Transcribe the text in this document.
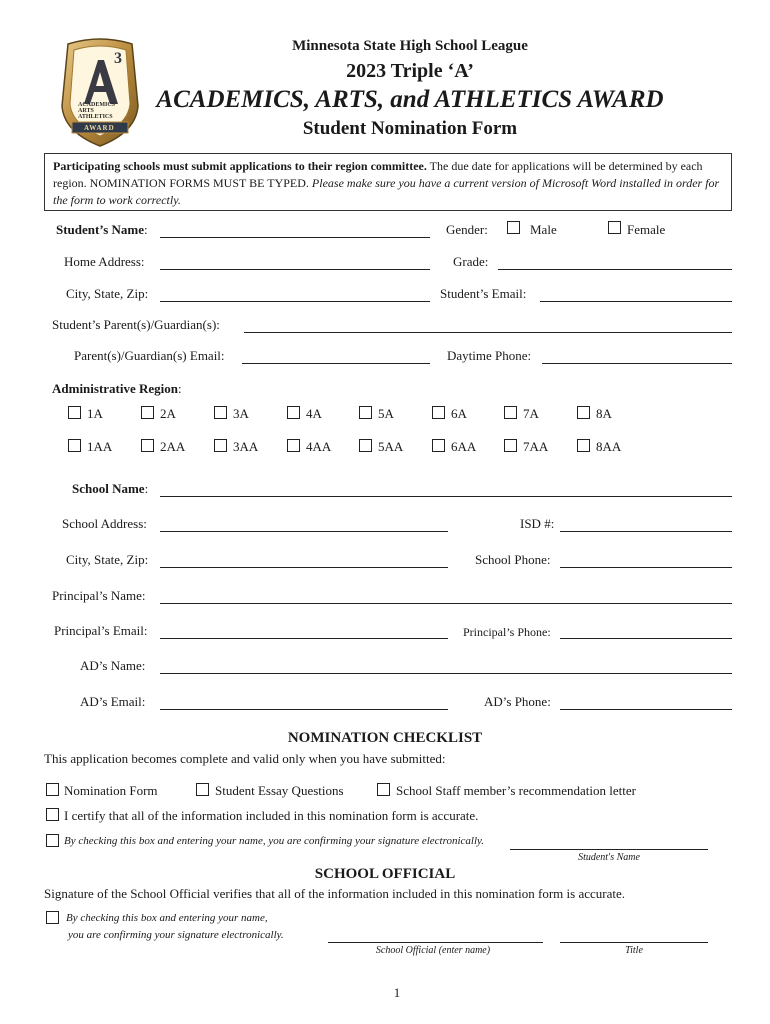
3
ACADEMICS
ARTS
ATHLETICS
AWARD
Minnesota State High School League
2023 Triple ‘A’
ACADEMICS, ARTS, and ATHLETICS AWARD
Student Nomination Form
Participating schools must submit applications to their region committee. The due date for applications will be determined by each region. NOMINATION FORMS MUST BE TYPED. Please make sure you have a current version of Microsoft Word installed in order for the form to work correctly.
Student’s Name:	Gender:	Male	Female
Home Address:	Grade:
City, State, Zip:	Student’s Email:
Student’s Parent(s)/Guardian(s):
Parent(s)/Guardian(s) Email:	Daytime Phone:
Administrative Region:
1A	2A	3A	4A	5A	6A	7A	8A
1AA	2AA	3AA	4AA	5AA	6AA	7AA	8AA
School Name:
School Address:	ISD #:
City, State, Zip:	School Phone:
Principal’s Name:
Principal’s Email:	Principal’s Phone:
AD’s Name:
AD’s Email:	AD’s Phone:
NOMINATION CHECKLIST
This application becomes complete and valid only when you have submitted:
Nomination Form	Student Essay Questions	School Staff member’s recommendation letter
I certify that all of the information included in this nomination form is accurate.
By checking this box and entering your name, you are confirming your signature electronically.
Student's Name
SCHOOL OFFICIAL
Signature of the School Official verifies that all of the information included in this nomination form is accurate.
By checking this box and entering your name,
you are confirming your signature electronically.
School Official (enter name)	Title
1
